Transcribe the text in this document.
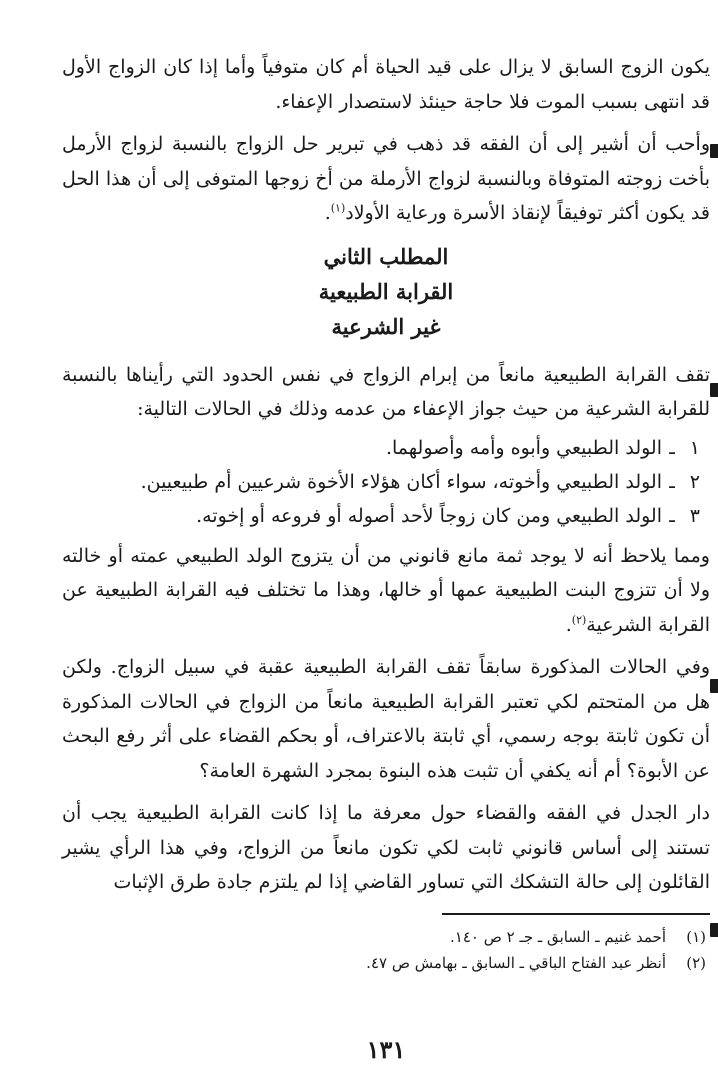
يكون الزوج السابق لا يزال على قيد الحياة أم كان متوفياً وأما إذا كان الزواج الأول قد انتهى بسبب الموت فلا حاجة حينئذ لاستصدار الإعفاء.

وأحب أن أشير إلى أن الفقه قد ذهب في تبرير حل الزواج بالنسبة لزواج الأرمل بأخت زوجته المتوفاة وبالنسبة لزواج الأرملة من أخ زوجها المتوفى إلى أن هذا الحل قد يكون أكثر توفيقاً لإنقاذ الأسرة ورعاية الأولاد$^{(١)}$.

المطلب الثاني

القرابة الطبيعية

غير الشرعية

تقف القرابة الطبيعية مانعاً من إبرام الزواج في نفس الحدود التي رأيناها بالنسبة للقرابة الشرعية من حيث جواز الإعفاء من عدمه وذلك في الحالات التالية:

١ـالولد الطبيعي وأبوه وأمه وأصولهما.

٢ـالولد الطبيعي وأخوته، سواء أكان هؤلاء الأخوة شرعيين أم طبيعيين.

٣ـالولد الطبيعي ومن كان زوجاً لأحد أصوله أو فروعه أو إخوته.

ومما يلاحظ أنه لا يوجد ثمة مانع قانوني من أن يتزوج الولد الطبيعي عمته أو خالته ولا أن تتزوج البنت الطبيعية عمها أو خالها، وهذا ما تختلف فيه القرابة الطبيعية عن القرابة الشرعية$^{(٢)}$.

وفي الحالات المذكورة سابقاً تقف القرابة الطبيعية عقبة في سبيل الزواج. ولكن هل من المتحتم لكي تعتبر القرابة الطبيعية مانعاً من الزواج في الحالات المذكورة أن تكون ثابتة بوجه رسمي، أي ثابتة بالاعتراف، أو بحكم القضاء على أثر رفع البحث عن الأبوة؟ أم أنه يكفي أن تثبت هذه البنوة بمجرد الشهرة العامة؟

دار الجدل في الفقه والقضاء حول معرفة ما إذا كانت القرابة الطبيعية يجب أن تستند إلى أساس قانوني ثابت لكي تكون مانعاً من الزواج، وفي هذا الرأي يشير القائلون إلى حالة التشكك التي تساور القاضي إذا لم يلتزم جادة طرق الإثبات

١٣١

(١)أحمد غنيم ـ السابق ـ جـ ٢ ص ١٤٠.

(٢)أنظر عبد الفتاح الباقي ـ السابق ـ بهامش ص ٤٧.
